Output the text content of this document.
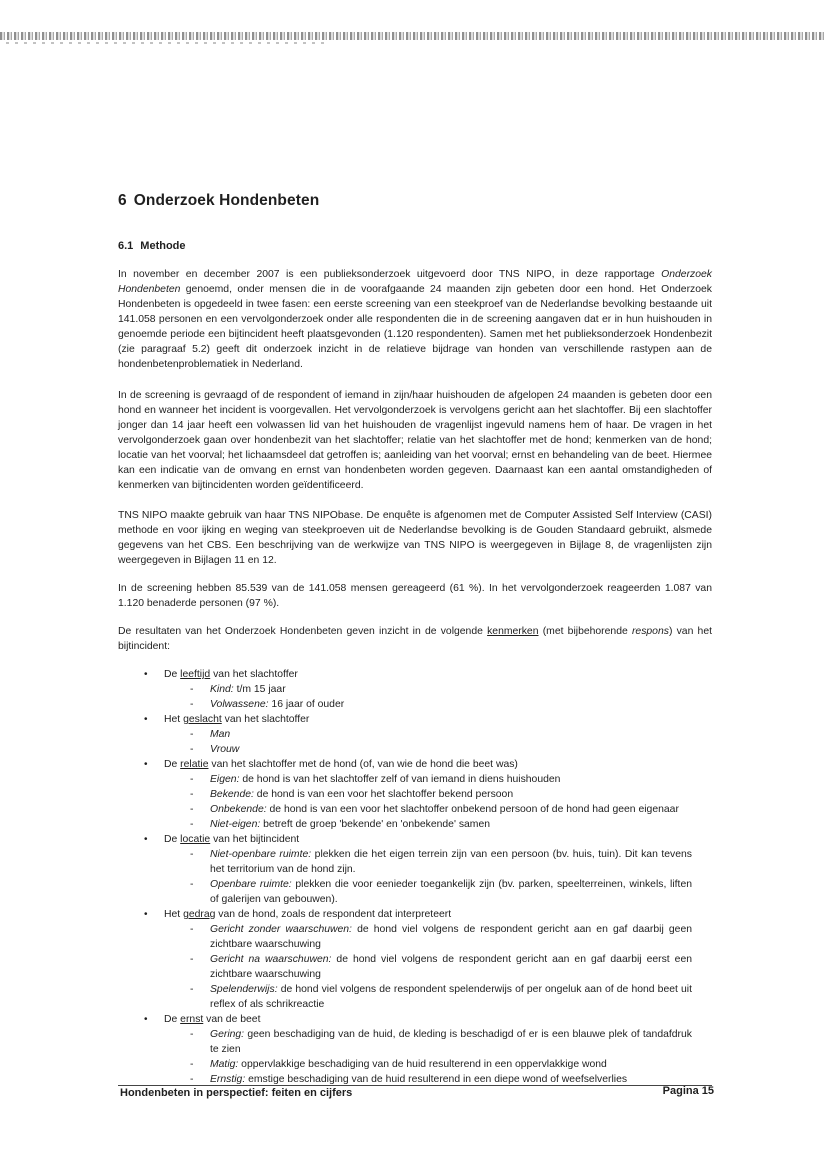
6 Onderzoek Hondenbeten
6.1 Methode

In november en december 2007 is een publieksonderzoek uitgevoerd door TNS NIPO, in deze rapportage Onderzoek Hondenbeten genoemd, onder mensen die in de voorafgaande 24 maanden zijn gebeten door een hond. Het Onderzoek Hondenbeten is opgedeeld in twee fasen: een eerste screening van een steekproef van de Nederlandse bevolking bestaande uit 141.058 personen en een vervolgonderzoek onder alle respondenten die in de screening aangaven dat er in hun huishouden in genoemde periode een bijtincident heeft plaatsgevonden (1.120 respondenten). Samen met het publieksonderzoek Hondenbezit (zie paragraaf 5.2) geeft dit onderzoek inzicht in de relatieve bijdrage van honden van verschillende rastypen aan de hondenbetenproblematiek in Nederland.

In de screening is gevraagd of de respondent of iemand in zijn/haar huishouden de afgelopen 24 maanden is gebeten door een hond en wanneer het incident is voorgevallen. Het vervolgonderzoek is vervolgens gericht aan het slachtoffer. Bij een slachtoffer jonger dan 14 jaar heeft een volwassen lid van het huishouden de vragenlijst ingevuld namens hem of haar. De vragen in het vervolgonderzoek gaan over hondenbezit van het slachtoffer; relatie van het slachtoffer met de hond; kenmerken van de hond; locatie van het voorval; het lichaamsdeel dat getroffen is; aanleiding van het voorval; ernst en behandeling van de beet. Hiermee kan een indicatie van de omvang en ernst van hondenbeten worden gegeven. Daarnaast kan een aantal omstandigheden of kenmerken van bijtincidenten worden geïdentificeerd.

TNS NIPO maakte gebruik van haar TNS NIPObase. De enquête is afgenomen met de Computer Assisted Self Interview (CASI) methode en voor ijking en weging van steekproeven uit de Nederlandse bevolking is de Gouden Standaard gebruikt, alsmede gegevens van het CBS. Een beschrijving van de werkwijze van TNS NIPO is weergegeven in Bijlage 8, de vragenlijsten zijn weergegeven in Bijlagen 11 en 12.

In de screening hebben 85.539 van de 141.058 mensen gereageerd (61 %). In het vervolgonderzoek reageerden 1.087 van 1.120 benaderde personen (97 %).

De resultaten van het Onderzoek Hondenbeten geven inzicht in de volgende kenmerken (met bijbehorende respons) van het bijtincident:

• De leeftijd van het slachtoffer
- Kind: t/m 15 jaar
- Volwassene: 16 jaar of ouder
• Het geslacht van het slachtoffer
- Man
- Vrouw
• De relatie van het slachtoffer met de hond (of, van wie de hond die beet was)
- Eigen: de hond is van het slachtoffer zelf of van iemand in diens huishouden
- Bekende: de hond is van een voor het slachtoffer bekend persoon
- Onbekende: de hond is van een voor het slachtoffer onbekend persoon of de hond had geen eigenaar
- Niet-eigen: betreft de groep 'bekende' en 'onbekende' samen
• De locatie van het bijtincident
- Niet-openbare ruimte: plekken die het eigen terrein zijn van een persoon (bv. huis, tuin). Dit kan tevens het territorium van de hond zijn.
- Openbare ruimte: plekken die voor eenieder toegankelijk zijn (bv. parken, speelterreinen, winkels, liften of galerijen van gebouwen).
• Het gedrag van de hond, zoals de respondent dat interpreteert
- Gericht zonder waarschuwen: de hond viel volgens de respondent gericht aan en gaf daarbij geen zichtbare waarschuwing
- Gericht na waarschuwen: de hond viel volgens de respondent gericht aan en gaf daarbij eerst een zichtbare waarschuwing
- Spelenderwijs: de hond viel volgens de respondent spelenderwijs of per ongeluk aan of de hond beet uit reflex of als schrikreactie
• De ernst van de beet
- Gering: geen beschadiging van de huid, de kleding is beschadigd of er is een blauwe plek of tandafdruk te zien
- Matig: oppervlakkige beschadiging van de huid resulterend in een oppervlakkige wond
- Ernstig: emstige beschadiging van de huid resulterend in een diepe wond of weefselverlies
Hondenbeten in perspectief: feiten en cijfers	Pagina 15
